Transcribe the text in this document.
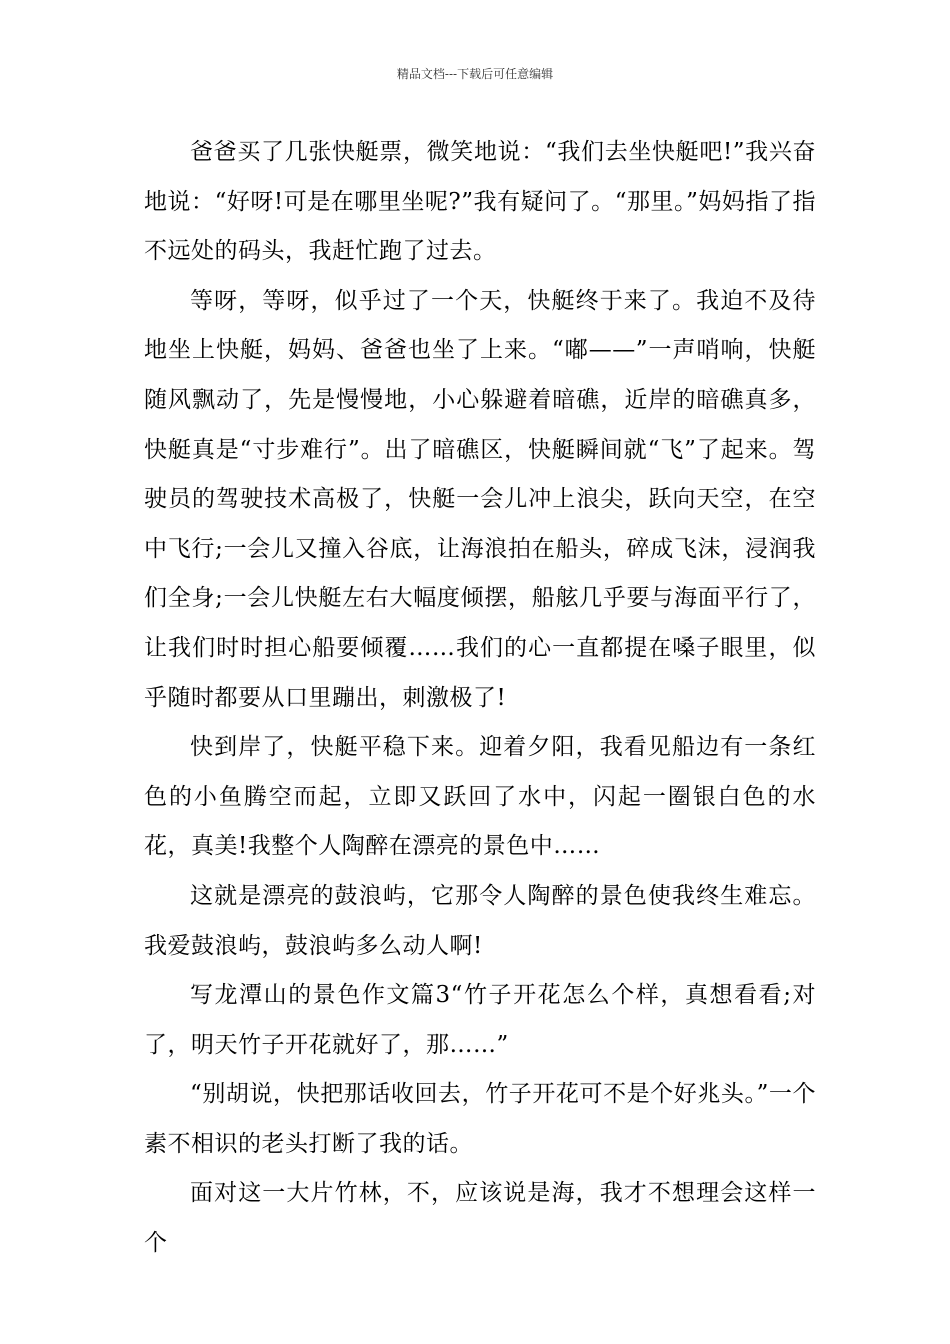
精品文档---下载后可任意编辑

爸爸买了几张快艇票，微笑地说：“我们去坐快艇吧!”我兴奋地说：“好呀!可是在哪里坐呢?”我有疑问了。“那里。”妈妈指了指不远处的码头，我赶忙跑了过去。

等呀，等呀，似乎过了一个天，快艇终于来了。我迫不及待地坐上快艇，妈妈、爸爸也坐了上来。“嘟——”一声哨响，快艇随风飘动了，先是慢慢地，小心躲避着暗礁，近岸的暗礁真多，快艇真是“寸步难行”。出了暗礁区，快艇瞬间就“飞”了起来。驾驶员的驾驶技术高极了，快艇一会儿冲上浪尖，跃向天空，在空中飞行;一会儿又撞入谷底，让海浪拍在船头，碎成飞沫，浸润我们全身;一会儿快艇左右大幅度倾摆，船舷几乎要与海面平行了，让我们时时担心船要倾覆……我们的心一直都提在嗓子眼里，似乎随时都要从口里蹦出，刺激极了!

快到岸了，快艇平稳下来。迎着夕阳，我看见船边有一条红色的小鱼腾空而起，立即又跃回了水中，闪起一圈银白色的水花，真美!我整个人陶醉在漂亮的景色中……

这就是漂亮的鼓浪屿，它那令人陶醉的景色使我终生难忘。我爱鼓浪屿，鼓浪屿多么动人啊!

写龙潭山的景色作文篇3“竹子开花怎么个样，真想看看;对了，明天竹子开花就好了，那……”

“别胡说，快把那话收回去，竹子开花可不是个好兆头。”一个素不相识的老头打断了我的话。

面对这一大片竹林，不，应该说是海，我才不想理会这样一个
